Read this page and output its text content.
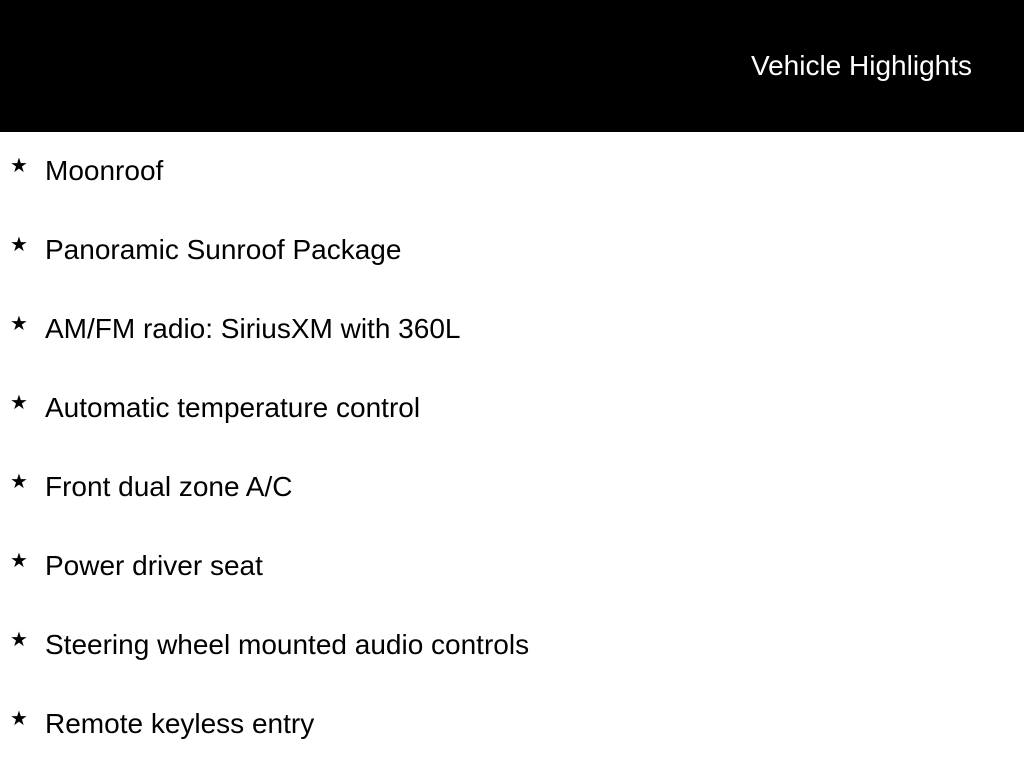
Vehicle Highlights
★ Moonroof
★ Panoramic Sunroof Package
★ AM/FM radio: SiriusXM with 360L
★ Automatic temperature control
★ Front dual zone A/C
★ Power driver seat
★ Steering wheel mounted audio controls
★ Remote keyless entry
